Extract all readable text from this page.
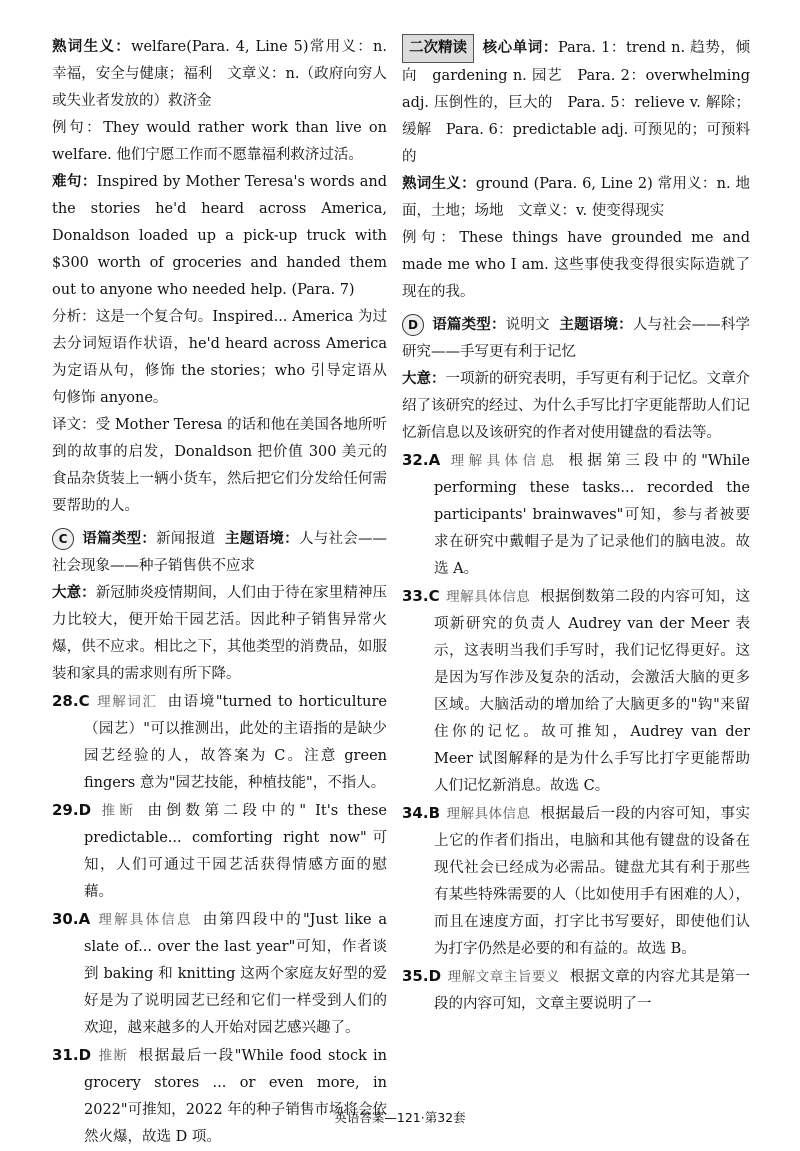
熟词生义：welfare(Para. 4, Line 5)常用义：n. 幸福，安全与健康；福利　文章义：n.（政府向穷人或失业者发放的）救济金

例句：They would rather work than live on welfare. 他们宁愿工作而不愿靠福利救济过活。

难句：Inspired by Mother Teresa's words and the stories he'd heard across America, Donaldson loaded up a pick-up truck with $300 worth of groceries and handed them out to anyone who needed help. (Para. 7)

分析：这是一个复合句。Inspired... America 为过去分词短语作状语，he'd heard across America 为定语从句，修饰 the stories；who 引导定语从句修饰 anyone。

译文：受 Mother Teresa 的话和他在美国各地所听到的故事的启发，Donaldson 把价值 300 美元的食品杂货装上一辆小货车，然后把它们分发给任何需要帮助的人。

C 语篇类型：新闻报道 主题语境：人与社会——社会现象——种子销售供不应求

大意：新冠肺炎疫情期间，人们由于待在家里精神压力比较大，便开始干园艺活。因此种子销售异常火爆，供不应求。相比之下，其他类型的消费品，如服装和家具的需求则有所下降。

28.C 理解词汇 由语境"turned to horticulture（园艺）"可以推测出，此处的主语指的是缺少园艺经验的人，故答案为 C。注意 green fingers 意为"园艺技能，种植技能"，不指人。

29.D 推断 由倒数第二段中的" It's these predictable... comforting right now"可知，人们可通过干园艺活获得情感方面的慰藉。

30.A 理解具体信息 由第四段中的"Just like a slate of... over the last year"可知，作者谈到 baking 和 knitting 这两个家庭友好型的爱好是为了说明园艺已经和它们一样受到人们的欢迎，越来越多的人开始对园艺感兴趣了。

31.D 推断 根据最后一段"While food stock in grocery stores ... or even more, in 2022"可推知，2022 年的种子销售市场将会依然火爆，故选 D 项。

二次精读 核心单词：Para. 1：trend n. 趋势，倾向　gardening n. 园艺　Para. 2：overwhelming adj. 压倒性的，巨大的　Para. 5：relieve v. 解除；缓解　Para. 6：predictable adj. 可预见的；可预料的

熟词生义：ground (Para. 6, Line 2) 常用义：n. 地面，土地；场地　文章义：v. 使变得现实

例句：These things have grounded me and made me who I am. 这些事使我变得很实际造就了现在的我。

D 语篇类型：说明文 主题语境：人与社会——科学研究——手写更有利于记忆

大意：一项新的研究表明，手写更有利于记忆。文章介绍了该研究的经过、为什么手写比打字更能帮助人们记忆新信息以及该研究的作者对使用键盘的看法等。

32.A 理解具体信息 根据第三段中的"While performing these tasks... recorded the participants' brainwaves"可知，参与者被要求在研究中戴帽子是为了记录他们的脑电波。故选 A。

33.C 理解具体信息 根据倒数第二段的内容可知，这项新研究的负责人 Audrey van der Meer 表示，这表明当我们手写时，我们记忆得更好。这是因为写作涉及复杂的活动，会激活大脑的更多区域。大脑活动的增加给了大脑更多的"钩"来留住你的记忆。故可推知，Audrey van der Meer 试图解释的是为什么手写比打字更能帮助人们记忆新消息。故选 C。

34.B 理解具体信息 根据最后一段的内容可知，事实上它的作者们指出，电脑和其他有键盘的设备在现代社会已经成为必需品。键盘尤其有利于那些有某些特殊需要的人（比如使用手有困难的人），而且在速度方面，打字比书写要好，即使他们认为打字仍然是必要的和有益的。故选 B。

35.D 理解文章主旨要义 根据文章的内容尤其是第一段的内容可知，文章主要说明了一

英语答案—121·第32套
